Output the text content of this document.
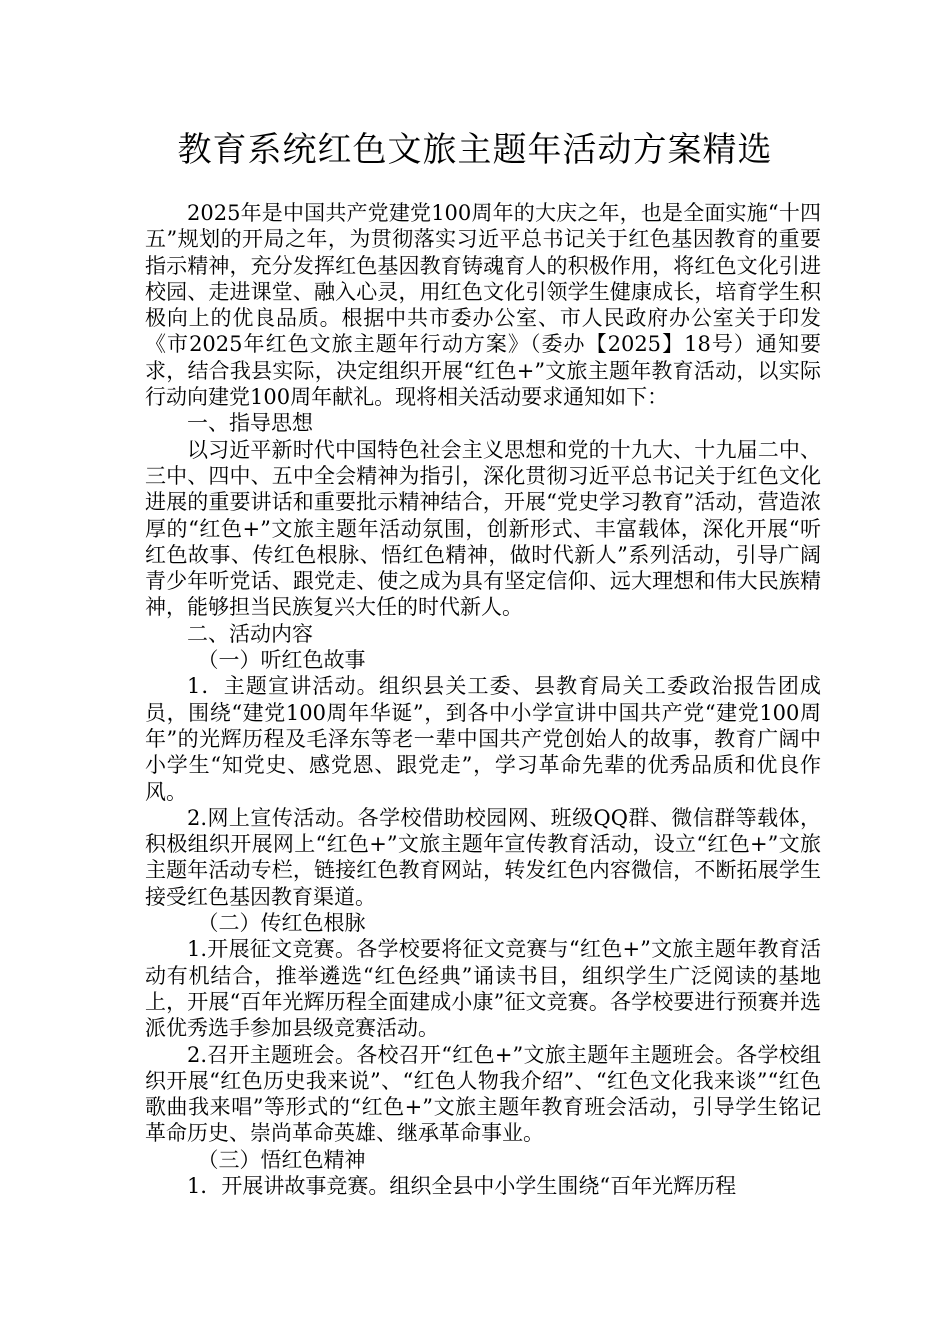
教育系统红色文旅主题年活动方案精选

2025年是中国共产党建党100周年的大庆之年，也是全面实施“十四五”规划的开局之年，为贯彻落实习近平总书记关于红色基因教育的重要指示精神，充分发挥红色基因教育铸魂育人的积极作用，将红色文化引进校园、走进课堂、融入心灵，用红色文化引领学生健康成长，培育学生积极向上的优良品质。根据中共市委办公室、市人民政府办公室关于印发《市2025年红色文旅主题年行动方案》（委办【2025】18号）通知要求，结合我县实际，决定组织开展“红色+”文旅主题年教育活动，以实际行动向建党100周年献礼。现将相关活动要求通知如下：

一、指导思想

以习近平新时代中国特色社会主义思想和党的十九大、十九届二中、三中、四中、五中全会精神为指引，深化贯彻习近平总书记关于红色文化进展的重要讲话和重要批示精神结合，开展“党史学习教育”活动，营造浓厚的“红色+”文旅主题年活动氛围，创新形式、丰富载体，深化开展“听红色故事、传红色根脉、悟红色精神，做时代新人”系列活动，引导广阔青少年听党话、跟党走、使之成为具有坚定信仰、远大理想和伟大民族精神，能够担当民族复兴大任的时代新人。

二、活动内容

（一）听红色故事

1．主题宣讲活动。组织县关工委、县教育局关工委政治报告团成员，围绕“建党100周年华诞”，到各中小学宣讲中国共产党“建党100周年”的光辉历程及毛泽东等老一辈中国共产党创始人的故事，教育广阔中小学生“知党史、感党恩、跟党走”，学习革命先辈的优秀品质和优良作风。

2.网上宣传活动。各学校借助校园网、班级QQ群、微信群等载体，积极组织开展网上“红色+”文旅主题年宣传教育活动，设立“红色+”文旅主题年活动专栏，链接红色教育网站，转发红色内容微信，不断拓展学生接受红色基因教育渠道。

（二）传红色根脉

1.开展征文竞赛。各学校要将征文竞赛与“红色+”文旅主题年教育活动有机结合，推举遴选“红色经典”诵读书目，组织学生广泛阅读的基地上，开展“百年光辉历程全面建成小康”征文竞赛。各学校要进行预赛并选派优秀选手参加县级竞赛活动。

2.召开主题班会。各校召开“红色+”文旅主题年主题班会。各学校组织开展“红色历史我来说”、“红色人物我介绍”、“红色文化我来谈”“红色歌曲我来唱”等形式的“红色+”文旅主题年教育班会活动，引导学生铭记革命历史、崇尚革命英雄、继承革命事业。

（三）悟红色精神

1．开展讲故事竞赛。组织全县中小学生围绕“百年光辉历程
